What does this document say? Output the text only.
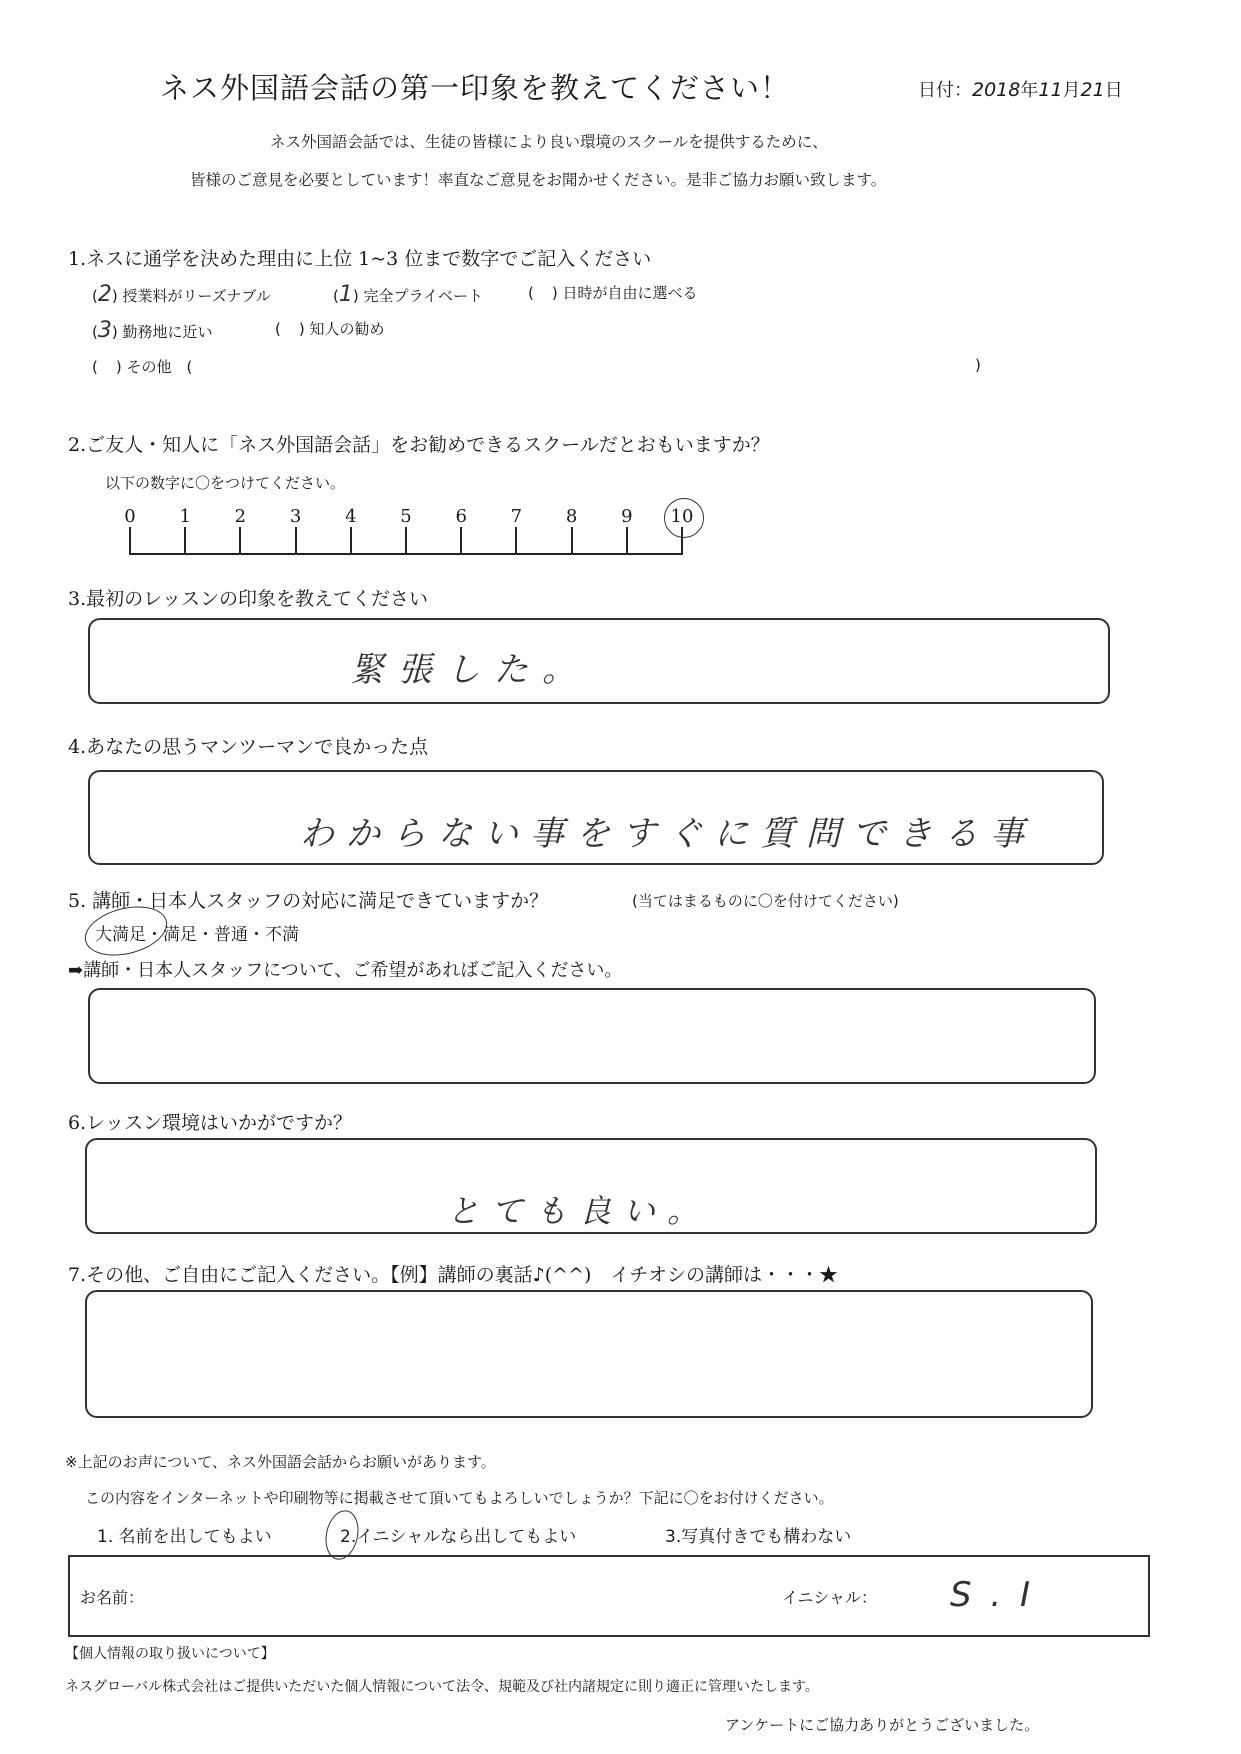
ネス外国語会話の第一印象を教えてください！	日付：2018年11月21日
ネス外国語会話では、生徒の皆様により良い環境のスクールを提供するために、
皆様のご意見を必要としています！率直なご意見をお聞かせください。是非ご協力お願い致します。
1.ネスに通学を決めた理由に上位 1~3 位まで数字でご記入ください
(2) 授業料がリーズナブル	(1) 完全プライベート	( ) 日時が自由に選べる
(3) 勤務地に近い	( ) 知人の勧め
( ) その他　(	)
2.ご友人・知人に「ネス外国語会話」をお勧めできるスクールだとおもいますか？
以下の数字に〇をつけてください。
0	1	2	3	4	5	6	7	8	9	10
3.最初のレッスンの印象を教えてください
緊張した。
4.あなたの思うマンツーマンで良かった点
わからない事をすぐに質問できる事
5. 講師・日本人スタッフの対応に満足できていますか？	(当てはまるものに〇を付けてください)
大満足・満足・普通・不満
➡講師・日本人スタッフについて、ご希望があればご記入ください。
6.レッスン環境はいかがですか？
とても良い。
7.その他、ご自由にご記入ください。【例】講師の裏話♪(^^)　イチオシの講師は・・・★
※上記のお声について、ネス外国語会話からお願いがあります。
この内容をインターネットや印刷物等に掲載させて頂いてもよろしいでしょうか？下記に〇をお付けください。
1. 名前を出してもよい	2.イニシャルなら出してもよい	3.写真付きでも構わない
お名前：	イニシャル： S . I
【個人情報の取り扱いについて】
ネスグローバル株式会社はご提供いただいた個人情報について法令、規範及び社内諸規定に則り適正に管理いたします。
アンケートにご協力ありがとうございました。
